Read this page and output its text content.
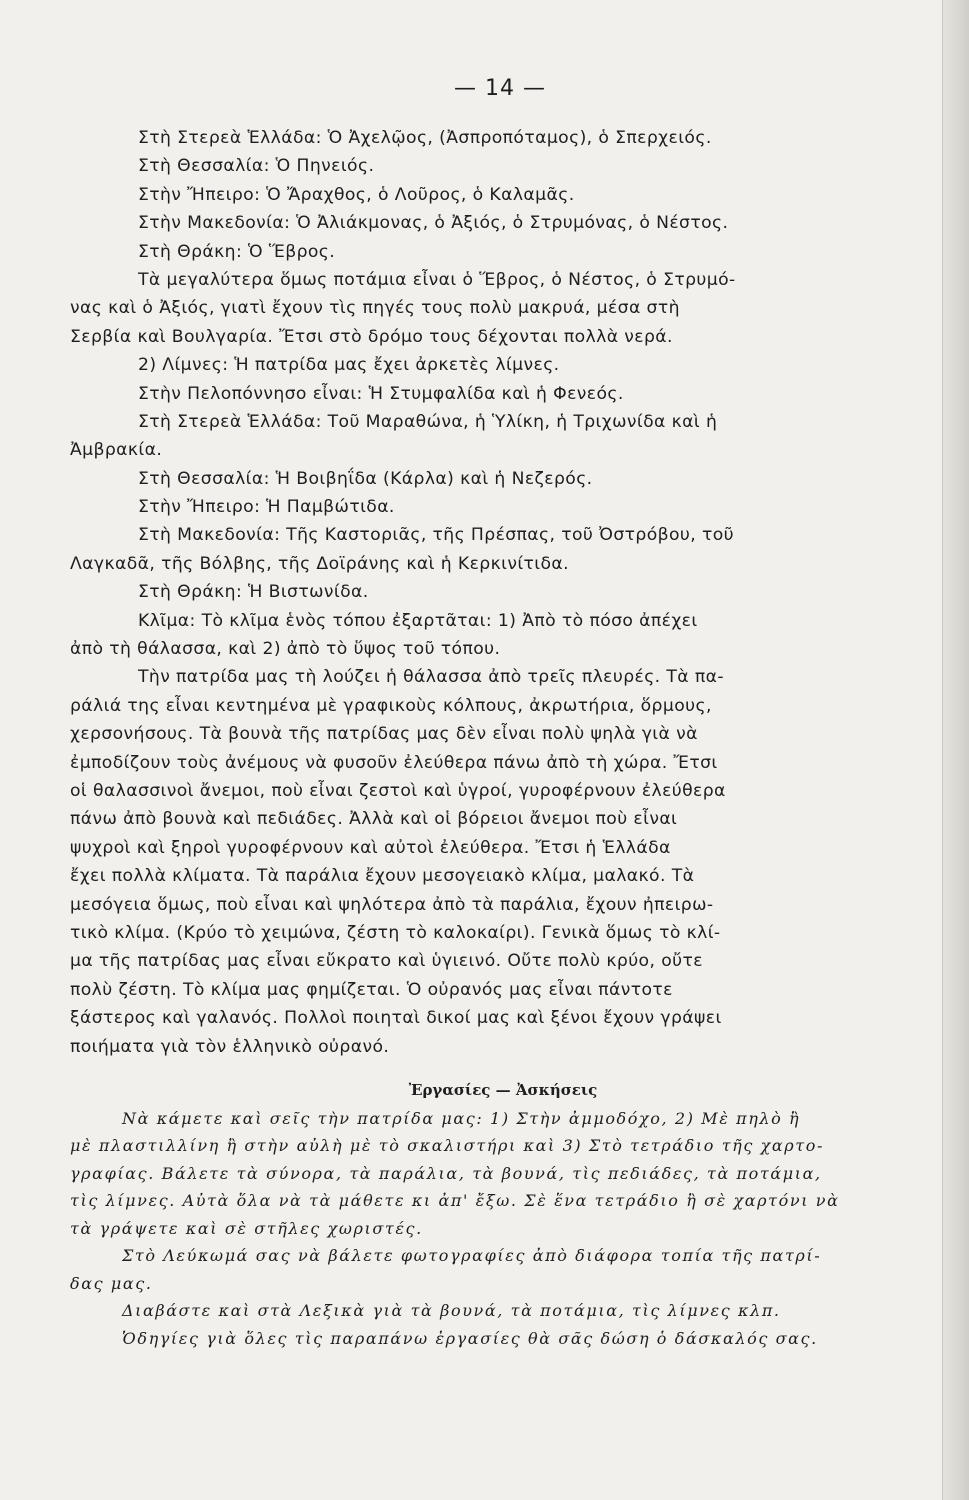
— 14 —
Στὴ Στερεὰ Ἑλλάδα: Ὁ Ἀχελῷος, (Ἀσπροπόταμος), ὁ Σπερχειός.
Στὴ Θεσσαλία: Ὁ Πηνειός.
Στὴν Ἤπειρο: Ὁ Ἄραχθος, ὁ Λοῦρος, ὁ Καλαμᾶς.
Στὴν Μακεδονία: Ὁ Ἀλιάκμονας, ὁ Ἀξιός, ὁ Στρυμόνας, ὁ Νέστος.
Στὴ Θράκη: Ὁ Ἕβρος.
Τὰ μεγαλύτερα ὅμως ποτάμια εἶναι ὁ Ἕβρος, ὁ Νέστος, ὁ Στρυμό-
νας καὶ ὁ Ἀξιός, γιατὶ ἔχουν τὶς πηγές τους πολὺ μακρυά, μέσα στὴ
Σερβία καὶ Βουλγαρία. Ἔτσι στὸ δρόμο τους δέχονται πολλὰ νερά.
2) Λίμνες: Ἡ πατρίδα μας ἔχει ἀρκετὲς λίμνες.
Στὴν Πελοπόννησο εἶναι: Ἡ Στυμφαλίδα καὶ ἡ Φενεός.
Στὴ Στερεὰ Ἑλλάδα: Τοῦ Μαραθώνα, ἡ Ὑλίκη, ἡ Τριχωνίδα καὶ ἡ
Ἀμβρακία.
Στὴ Θεσσαλία: Ἡ Βοιβηΐδα (Κάρλα) καὶ ἡ Νεζερός.
Στὴν Ἤπειρο: Ἡ Παμβώτιδα.
Στὴ Μακεδονία: Τῆς Καστοριᾶς, τῆς Πρέσπας, τοῦ Ὀστρόβου, τοῦ
Λαγκαδᾶ, τῆς Βόλβης, τῆς Δοϊράνης καὶ ἡ Κερκινίτιδα.
Στὴ Θράκη: Ἡ Βιστωνίδα.
Κλῖμα: Τὸ κλῖμα ἑνὸς τόπου ἐξαρτᾶται: 1) Ἀπὸ τὸ πόσο ἀπέχει
ἀπὸ τὴ θάλασσα, καὶ 2) ἀπὸ τὸ ὕψος τοῦ τόπου.
Τὴν πατρίδα μας τὴ λούζει ἡ θάλασσα ἀπὸ τρεῖς πλευρές. Τὰ πα-
ράλιά της εἶναι κεντημένα μὲ γραφικοὺς κόλπους, ἀκρωτήρια, ὅρμους,
χερσονήσους. Τὰ βουνὰ τῆς πατρίδας μας δὲν εἶναι πολὺ ψηλὰ γιὰ νὰ
ἐμποδίζουν τοὺς ἀνέμους νὰ φυσοῦν ἐλεύθερα πάνω ἀπὸ τὴ χώρα. Ἔτσι
οἱ θαλασσινοὶ ἄνεμοι, ποὺ εἶναι ζεστοὶ καὶ ὑγροί, γυροφέρνουν ἐλεύθερα
πάνω ἀπὸ βουνὰ καὶ πεδιάδες. Ἀλλὰ καὶ οἱ βόρειοι ἄνεμοι ποὺ εἶναι
ψυχροὶ καὶ ξηροὶ γυροφέρνουν καὶ αὐτοὶ ἐλεύθερα. Ἔτσι ἡ Ἑλλάδα
ἔχει πολλὰ κλίματα. Τὰ παράλια ἔχουν μεσογειακὸ κλίμα, μαλακό. Τὰ
μεσόγεια ὅμως, ποὺ εἶναι καὶ ψηλότερα ἀπὸ τὰ παράλια, ἔχουν ἠπειρω-
τικὸ κλίμα. (Κρύο τὸ χειμώνα, ζέστη τὸ καλοκαίρι). Γενικὰ ὅμως τὸ κλί-
μα τῆς πατρίδας μας εἶναι εὔκρατο καὶ ὑγιεινό. Οὔτε πολὺ κρύο, οὔτε
πολὺ ζέστη. Τὸ κλίμα μας φημίζεται. Ὁ οὐρανός μας εἶναι πάντοτε
ξάστερος καὶ γαλανός. Πολλοὶ ποιηταὶ δικοί μας καὶ ξένοι ἔχουν γράψει
ποιήματα γιὰ τὸν ἑλληνικὸ οὐρανό.
Ἐργασίες — Ἀσκήσεις
Νὰ κάμετε καὶ σεῖς τὴν πατρίδα μας: 1) Στὴν ἀμμοδόχο, 2) Μὲ πηλὸ ἢ
μὲ πλαστιλλίνη ἢ στὴν αὐλὴ μὲ τὸ σκαλιστήρι καὶ 3) Στὸ τετράδιο τῆς χαρτο-
γραφίας. Βάλετε τὰ σύνορα, τὰ παράλια, τὰ βουνά, τὶς πεδιάδες, τὰ ποτάμια,
τὶς λίμνες. Αὐτὰ ὅλα νὰ τὰ μάθετε κι ἀπ' ἔξω. Σὲ ἕνα τετράδιο ἢ σὲ χαρτόνι νὰ
τὰ γράψετε καὶ σὲ στῆλες χωριστές.
Στὸ Λεύκωμά σας νὰ βάλετε φωτογραφίες ἀπὸ διάφορα τοπία τῆς πατρί-
δας μας.
Διαβάστε καὶ στὰ Λεξικὰ γιὰ τὰ βουνά, τὰ ποτάμια, τὶς λίμνες κλπ.
Ὁδηγίες γιὰ ὅλες τὶς παραπάνω ἐργασίες θὰ σᾶς δώση ὁ δάσκαλός σας.
